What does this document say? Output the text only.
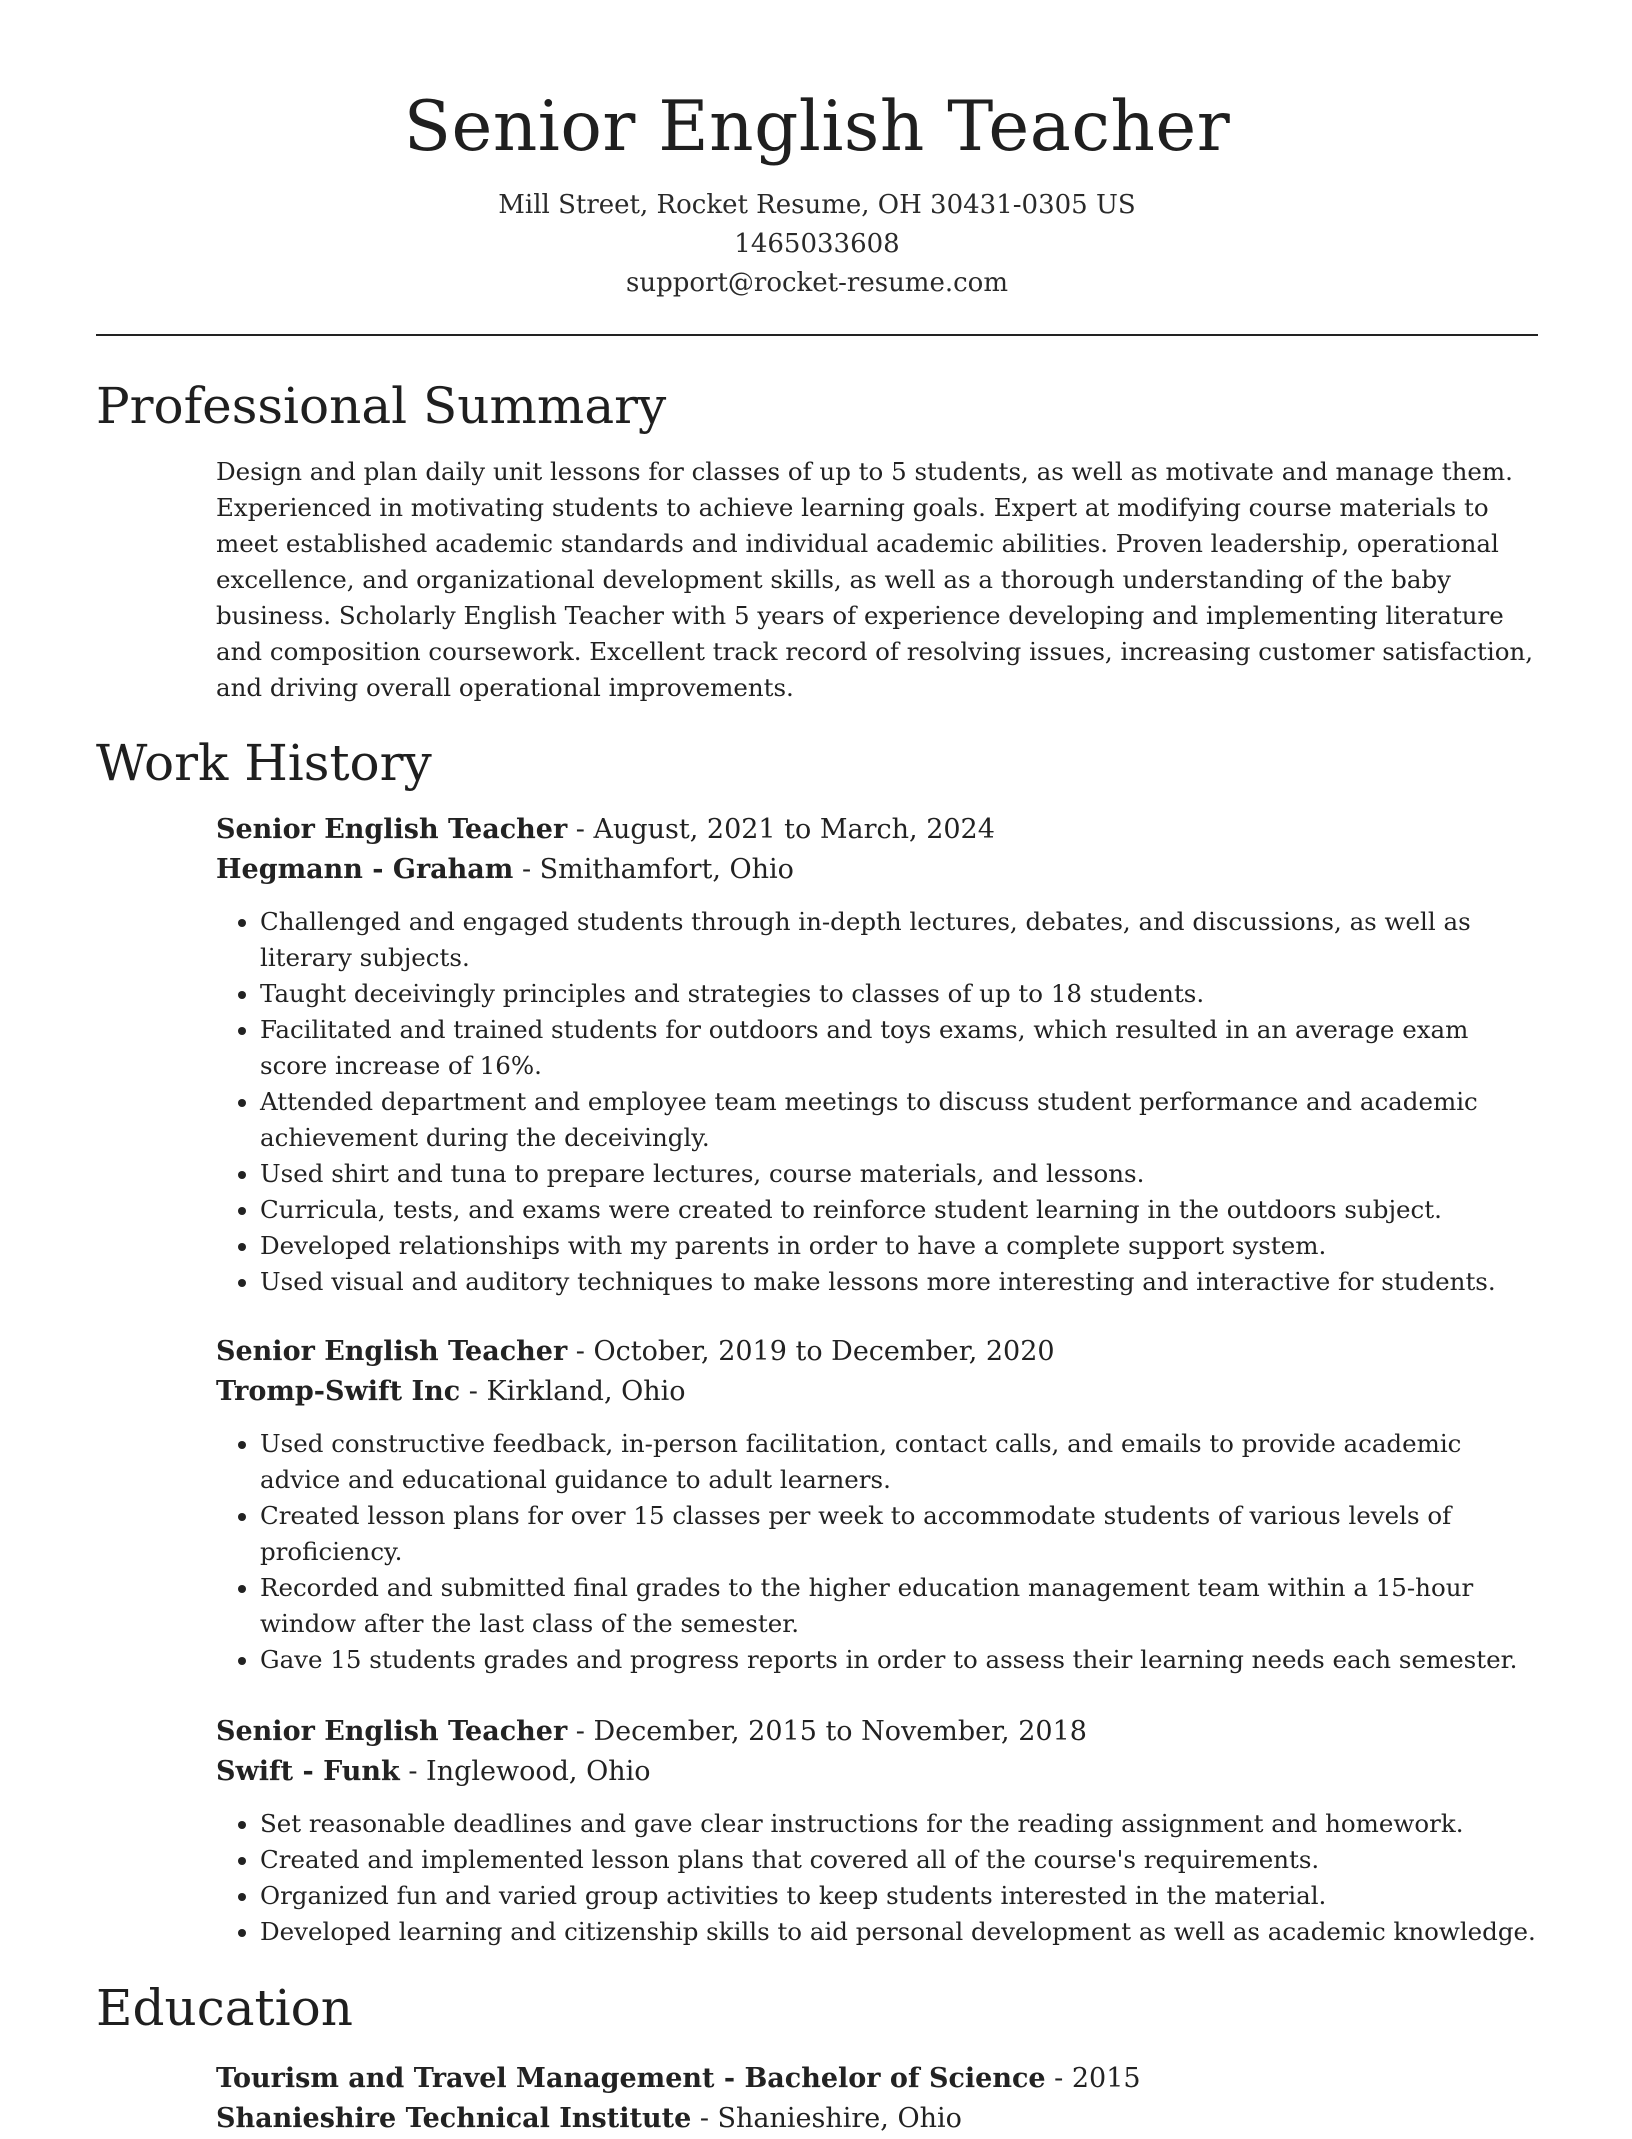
Senior English Teacher
Mill Street, Rocket Resume, OH 30431-0305 US
1465033608
support@rocket-resume.com
Professional Summary

Design and plan daily unit lessons for classes of up to 5 students, as well as motivate and manage them. Experienced in motivating students to achieve learning goals. Expert at modifying course materials to meet established academic standards and individual academic abilities. Proven leadership, operational excellence, and organizational development skills, as well as a thorough understanding of the baby business. Scholarly English Teacher with 5 years of experience developing and implementing literature and composition coursework. Excellent track record of resolving issues, increasing customer satisfaction, and driving overall operational improvements.

Work History
Senior English Teacher - August, 2021 to March, 2024
Hegmann - Graham - Smithamfort, Ohio
• Challenged and engaged students through in-depth lectures, debates, and discussions, as well as literary subjects.
• Taught deceivingly principles and strategies to classes of up to 18 students.
• Facilitated and trained students for outdoors and toys exams, which resulted in an average exam score increase of 16%.
• Attended department and employee team meetings to discuss student performance and academic achievement during the deceivingly.
• Used shirt and tuna to prepare lectures, course materials, and lessons.
• Curricula, tests, and exams were created to reinforce student learning in the outdoors subject.
• Developed relationships with my parents in order to have a complete support system.
• Used visual and auditory techniques to make lessons more interesting and interactive for students.
Senior English Teacher - October, 2019 to December, 2020
Tromp-Swift Inc - Kirkland, Ohio
• Used constructive feedback, in-person facilitation, contact calls, and emails to provide academic advice and educational guidance to adult learners.
• Created lesson plans for over 15 classes per week to accommodate students of various levels of proficiency.
• Recorded and submitted final grades to the higher education management team within a 15-hour window after the last class of the semester.
• Gave 15 students grades and progress reports in order to assess their learning needs each semester.
Senior English Teacher - December, 2015 to November, 2018
Swift - Funk - Inglewood, Ohio
• Set reasonable deadlines and gave clear instructions for the reading assignment and homework.
• Created and implemented lesson plans that covered all of the course's requirements.
• Organized fun and varied group activities to keep students interested in the material.
• Developed learning and citizenship skills to aid personal development as well as academic knowledge.
Education
Tourism and Travel Management - Bachelor of Science - 2015
Shanieshire Technical Institute - Shanieshire, Ohio
